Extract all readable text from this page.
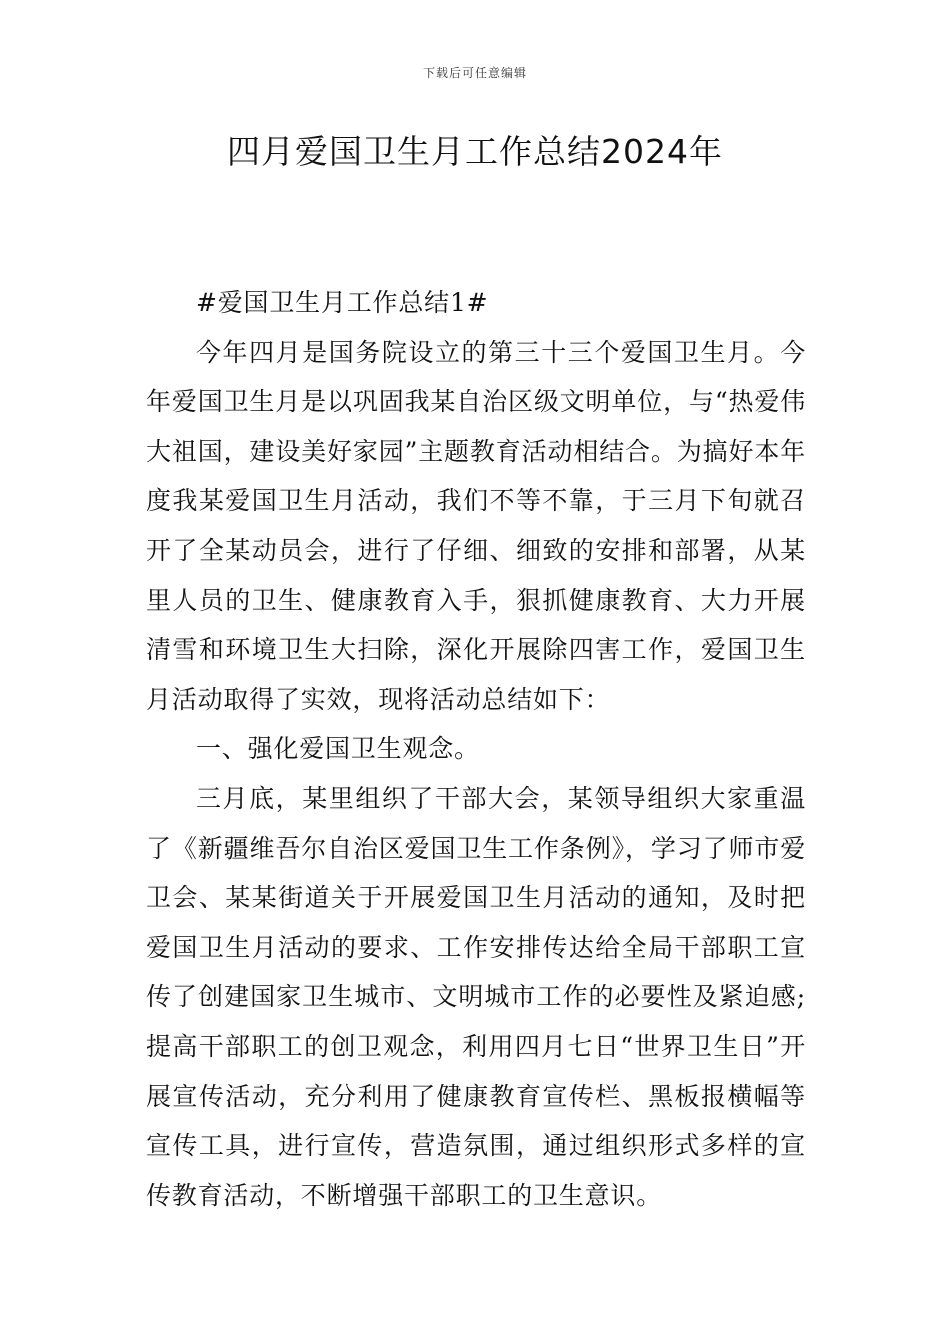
下载后可任意编辑
四月爱国卫生月工作总结2024年

#爱国卫生月工作总结1#

今年四月是国务院设立的第三十三个爱国卫生月。今年爱国卫生月是以巩固我某自治区级文明单位，与“热爱伟大祖国，建设美好家园”主题教育活动相结合。为搞好本年度我某爱国卫生月活动，我们不等不靠，于三月下旬就召开了全某动员会，进行了仔细、细致的安排和部署，从某里人员的卫生、健康教育入手，狠抓健康教育、大力开展清雪和环境卫生大扫除，深化开展除四害工作，爱国卫生月活动取得了实效，现将活动总结如下：

一、强化爱国卫生观念。

三月底，某里组织了干部大会，某领导组织大家重温了《新疆维吾尔自治区爱国卫生工作条例》，学习了师市爱卫会、某某街道关于开展爱国卫生月活动的通知，及时把爱国卫生月活动的要求、工作安排传达给全局干部职工宣传了创建国家卫生城市、文明城市工作的必要性及紧迫感;提高干部职工的创卫观念，利用四月七日“世界卫生日”开展宣传活动，充分利用了健康教育宣传栏、黑板报横幅等宣传工具，进行宣传，营造氛围，通过组织形式多样的宣传教育活动，不断增强干部职工的卫生意识。
